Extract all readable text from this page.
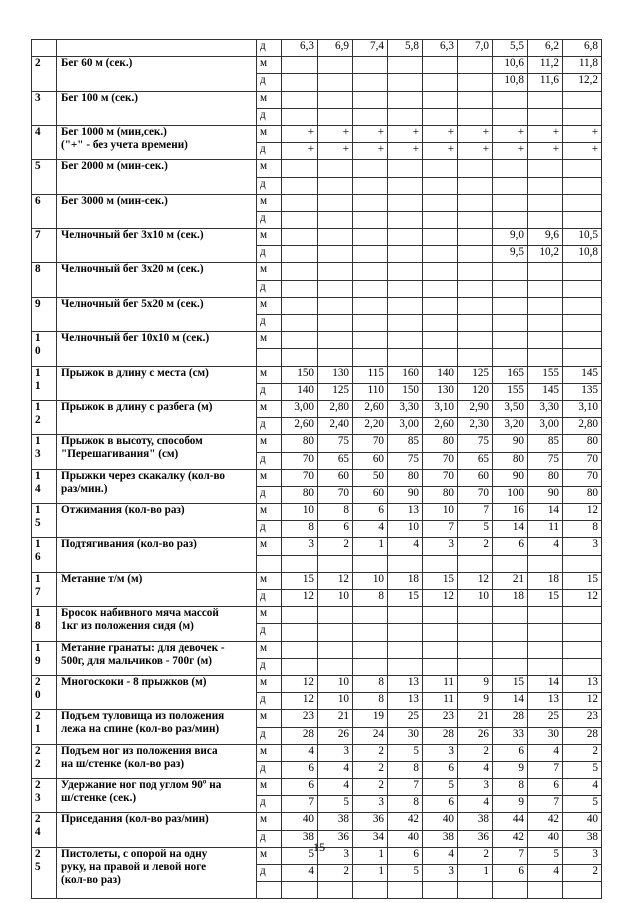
		д	6,3	6,9	7,4	5,8	6,3	7,0	5,5	6,2	6,8
2	Бег 60 м (сек.)	м							10,6	11,2	11,8
		д							10,8	11,6	12,2
3	Бег 100 м (сек.)	м									
		д									
4	Бег 1000 м (мин,сек.)
("+" - без учета времени)	м	+	+	+	+	+	+	+	+	+
		д	+	+	+	+	+	+	+	+	+
5	Бег 2000 м (мин-сек.)	м									
		д									
6	Бег 3000 м (мин-сек.)	м									
		д									
7	Челночный бег 3х10 м (сек.)	м							9,0	9,6	10,5
		д							9,5	10,2	10,8
8	Челночный бег 3х20 м (сек.)	м									
		д									
9	Челночный бег 5х20 м (сек.)	м									
		д									
1
0	Челночный бег 10х10 м (сек.)	м									

1
1	Прыжок в длину с места (см)	м	150	130	115	160	140	125	165	155	145
		д	140	125	110	150	130	120	155	145	135
1
2	Прыжок в длину с разбега (м)	м	3,00	2,80	2,60	3,30	3,10	2,90	3,50	3,30	3,10
		д	2,60	2,40	2,20	3,00	2,60	2,30	3,20	3,00	2,80
1
3	Прыжок в высоту, способом
"Перешагивания" (см)	м	80	75	70	85	80	75	90	85	80
		д	70	65	60	75	70	65	80	75	70
1
4	Прыжки через скакалку (кол-во
раз/мин.)	м	70	60	50	80	70	60	90	80	70
		д	80	70	60	90	80	70	100	90	80
1
5	Отжимания (кол-во раз)	м	10	8	6	13	10	7	16	14	12
		д	8	6	4	10	7	5	14	11	8
1
6	Подтягивания (кол-во раз)	м	3	2	1	4	3	2	6	4	3

1
7	Метание т/м (м)	м	15	12	10	18	15	12	21	18	15
		д	12	10	8	15	12	10	18	15	12
1
8	Бросок набивного мяча массой
1кг из положения сидя (м)	м									
		д									
1
9	Метание гранаты: для девочек -
500г, для мальчиков - 700г (м)	м									
		д									
2
0	Многоскоки - 8 прыжков (м)	м	12	10	8	13	11	9	15	14	13
		д	12	10	8	13	11	9	14	13	12
2
1	Подъем туловища из положения
лежа на спине (кол-во раз/мин)	м	23	21	19	25	23	21	28	25	23
		д	28	26	24	30	28	26	33	30	28
2
2	Подъем ног из положения виса
на ш/стенке (кол-во раз)	м	4	3	2	5	3	2	6	4	2
		д	6	4	2	8	6	4	9	7	5
2
3	Удержание ног под углом 90º на
ш/стенке (сек.)	м	6	4	2	7	5	3	8	6	4
		д	7	5	3	8	6	4	9	7	5
2
4	Приседания (кол-во раз/мин)	м	40	38	36	42	40	38	44	42	40
		д	38	36	34	40	38	36	42	40	38
2
5	Пистолеты, с опорой на одну
руку, на правой и левой ноге
(кол-во раз)	м	5	3	1	6	4	2	7	5	3
		д	4	2	1	5	3	1	6	4	2

15
